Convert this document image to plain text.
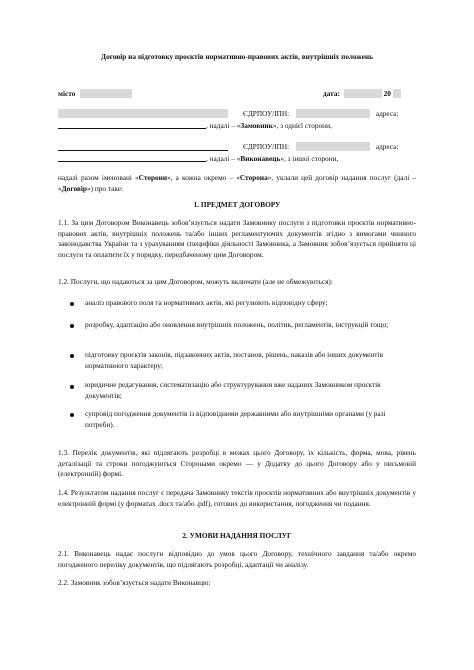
Договір на підготовку проєктів нормативно-правових актів, внутрішніх положень
місто	дата:	20
ЄДРПОУ/ІПН:	адреса:
, надалі – «Замовник», з однієї сторони,
ЄДРПОУ/ІПН:	адреса:
, надалі – «Виконавець», з іншої сторони,
надалі разом іменовані «Сторони», а кожна окремо – «Сторона», уклали цей договір надання послуг (далі – «Договір») про таке:
1. ПРЕДМЕТ ДОГОВОРУ
1.1. За цим Договором Виконавець зобов’язується надати Замовнику послуги з підготовки проєктів нормативно-правових актів, внутрішніх положень та/або інших регламентуючих документів згідно з вимогами чинного законодавства України та з урахуванням специфіки діяльності Замовника, а Замовник зобов’язується прийняти ці послуги та оплатити їх у порядку, передбаченому цим Договором.
1.2. Послуги, що надаються за цим Договором, можуть включати (але не обмежуються):
аналіз правового поля та нормативних актів, які регулюють відповідну сферу;
розробку, адаптацію або оновлення внутрішніх положень, політик, регламентів, інструкцій тощо;
підготовку проєктів законів, підзаконних актів, постанов, рішень, наказів або інших документів нормативного характеру;
юридичне редагування, систематизацію або структурування вже наданих Замовником проєктів документів;
супровід погодження документів із відповідними державними або внутрішніми органами (у разі потреби).
1.3. Перелік документів, які підлягають розробці в межах цього Договору, їх кількість, форма, мова, рівень деталізації та строки погоджуються Сторонами окремо — у Додатку до цього Договору або у письмовій (електронній) формі.
1.4. Результатом надання послуг є передача Замовнику текстів проєктів нормативних або внутрішніх документів у електронній формі (у форматах .docx та/або .pdf), готових до використання, погодження чи подання.
2. УМОВИ НАДАННЯ ПОСЛУГ
2.1. Виконавець надає послуги відповідно до умов цього Договору, технічного завдання та/або окремо погодженого переліку документів, що підлягають розробці, адаптації чи аналізу.
2.2. Замовник зобов’язується надати Виконавцю:
